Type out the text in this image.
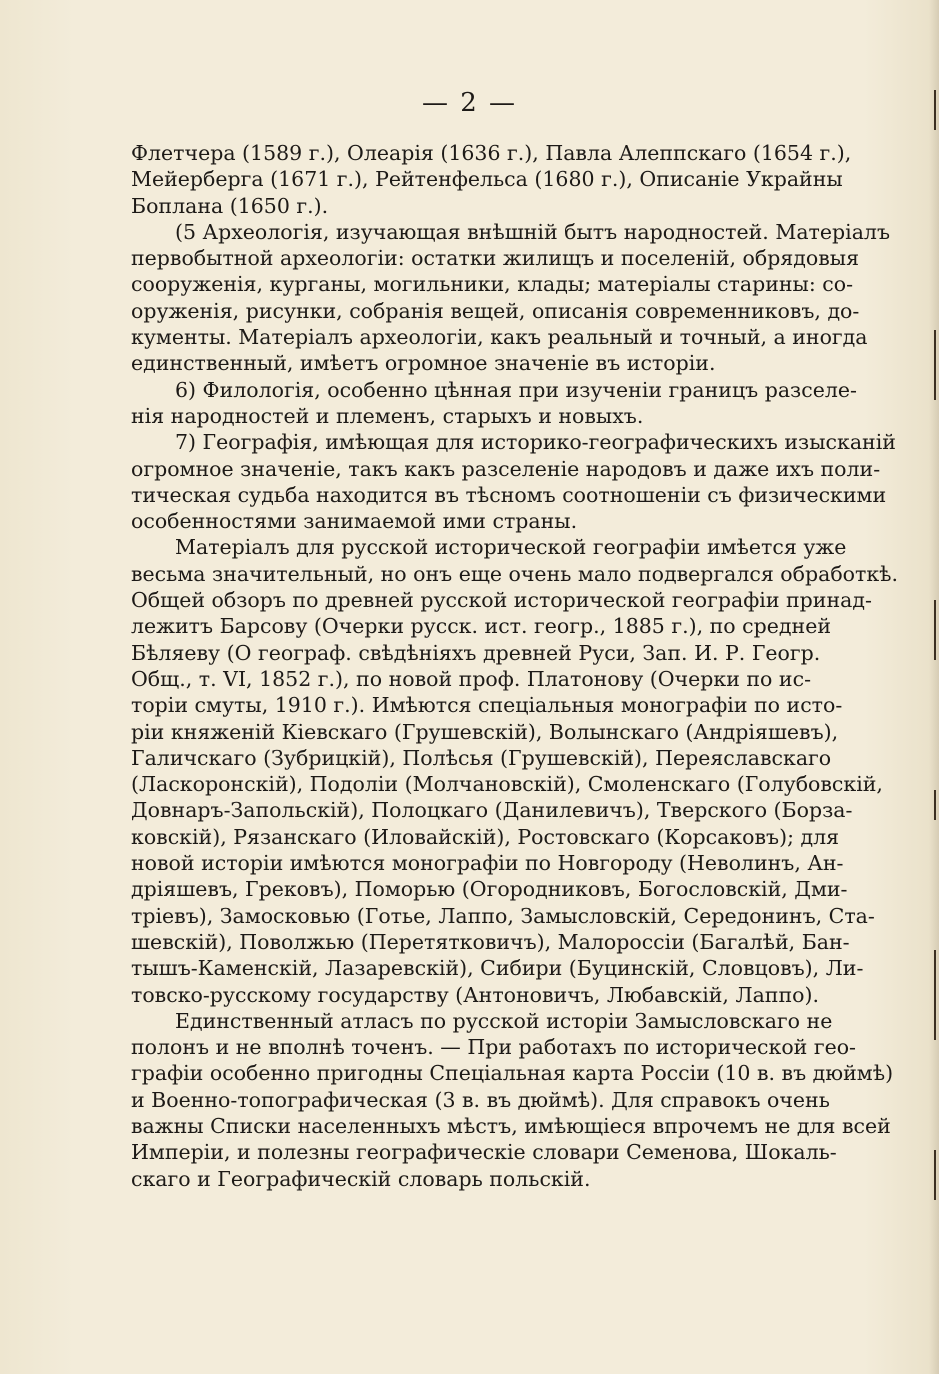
— 2 —
Флетчера (1589 г.), Олеарія (1636 г.), Павла Алеппскаго (1654 г.),
Мейерберга (1671 г.), Рейтенфельса (1680 г.), Описаніе Украйны
Боплана (1650 г.).
(5 Археологія, изучающая внѣшній бытъ народностей. Матеріалъ
первобытной археологіи: остатки жилищъ и поселеній, обрядовыя
сооруженія, курганы, могильники, клады; матеріалы старины: со-
оруженія, рисунки, собранія вещей, описанія современниковъ, до-
кументы. Матеріалъ археологіи, какъ реальный и точный, а иногда
единственный, имѣетъ огромное значеніе въ исторіи.
6) Филологія, особенно цѣнная при изученіи границъ разселе-
нія народностей и племенъ, старыхъ и новыхъ.
7) Географія, имѣющая для историко-географическихъ изысканій
огромное значеніе, такъ какъ разселеніе народовъ и даже ихъ поли-
тическая судьба находится въ тѣсномъ соотношеніи съ физическими
особенностями занимаемой ими страны.
Матеріалъ для русской исторической географіи имѣется уже
весьма значительный, но онъ еще очень мало подвергался обработкѣ.
Общей обзоръ по древней русской исторической географіи принад-
лежитъ Барсову (Очерки русск. ист. геогр., 1885 г.), по средней
Бѣляеву (О географ. свѣдѣніяхъ древней Руси, Зап. И. Р. Геогр.
Общ., т. VI, 1852 г.), по новой проф. Платонову (Очерки по ис-
торіи смуты, 1910 г.). Имѣются спеціальныя монографіи по исто-
ріи княженій Кіевскаго (Грушевскій), Волынскаго (Андріяшевъ),
Галичскаго (Зубрицкій), Полѣсья (Грушевскій), Переяславскаго
(Ласкоронскій), Подоліи (Молчановскій), Смоленскаго (Голубовскій,
Довнаръ-Запольскій), Полоцкаго (Данилевичъ), Тверского (Борза-
ковскій), Рязанскаго (Иловайскій), Ростовскаго (Корсаковъ); для
новой исторіи имѣются монографіи по Новгороду (Неволинъ, Ан-
дріяшевъ, Грековъ), Поморью (Огородниковъ, Богословскій, Дми-
тріевъ), Замосковью (Готье, Лаппо, Замысловскій, Середонинъ, Ста-
шевскій), Поволжью (Перетятковичъ), Малороссіи (Багалѣй, Бан-
тышъ-Каменскій, Лазаревскій), Сибири (Буцинскій, Словцовъ), Ли-
товско-русскому государству (Антоновичъ, Любавскій, Лаппо).
Единственный атласъ по русской исторіи Замысловскаго не
полонъ и не вполнѣ точенъ. — При работахъ по исторической гео-
графіи особенно пригодны Спеціальная карта Россіи (10 в. въ дюймѣ)
и Военно-топографическая (3 в. въ дюймѣ). Для справокъ очень
важны Списки населенныхъ мѣстъ, имѣющіеся впрочемъ не для всей
Имперіи, и полезны географическіе словари Семенова, Шокаль-
скаго и Географическій словарь польскій.
